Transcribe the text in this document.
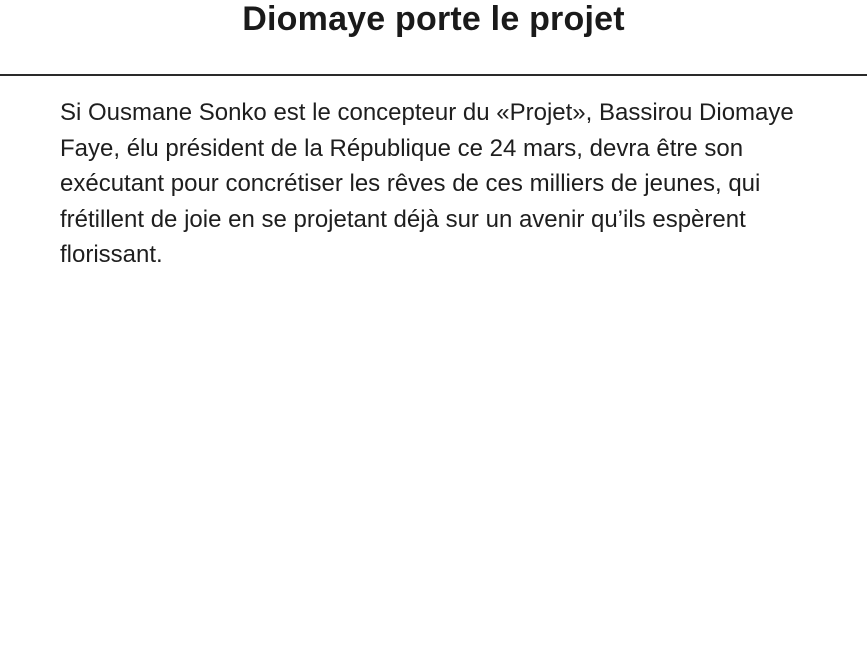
Diomaye porte le projet

Si Ousmane Sonko est le concepteur du «Projet», Bassirou Diomaye Faye, élu président de la République ce 24 mars, devra être son exécutant pour concrétiser les rêves de ces milliers de jeunes, qui frétillent de joie en se projetant déjà sur un avenir qu’ils espèrent florissant.
